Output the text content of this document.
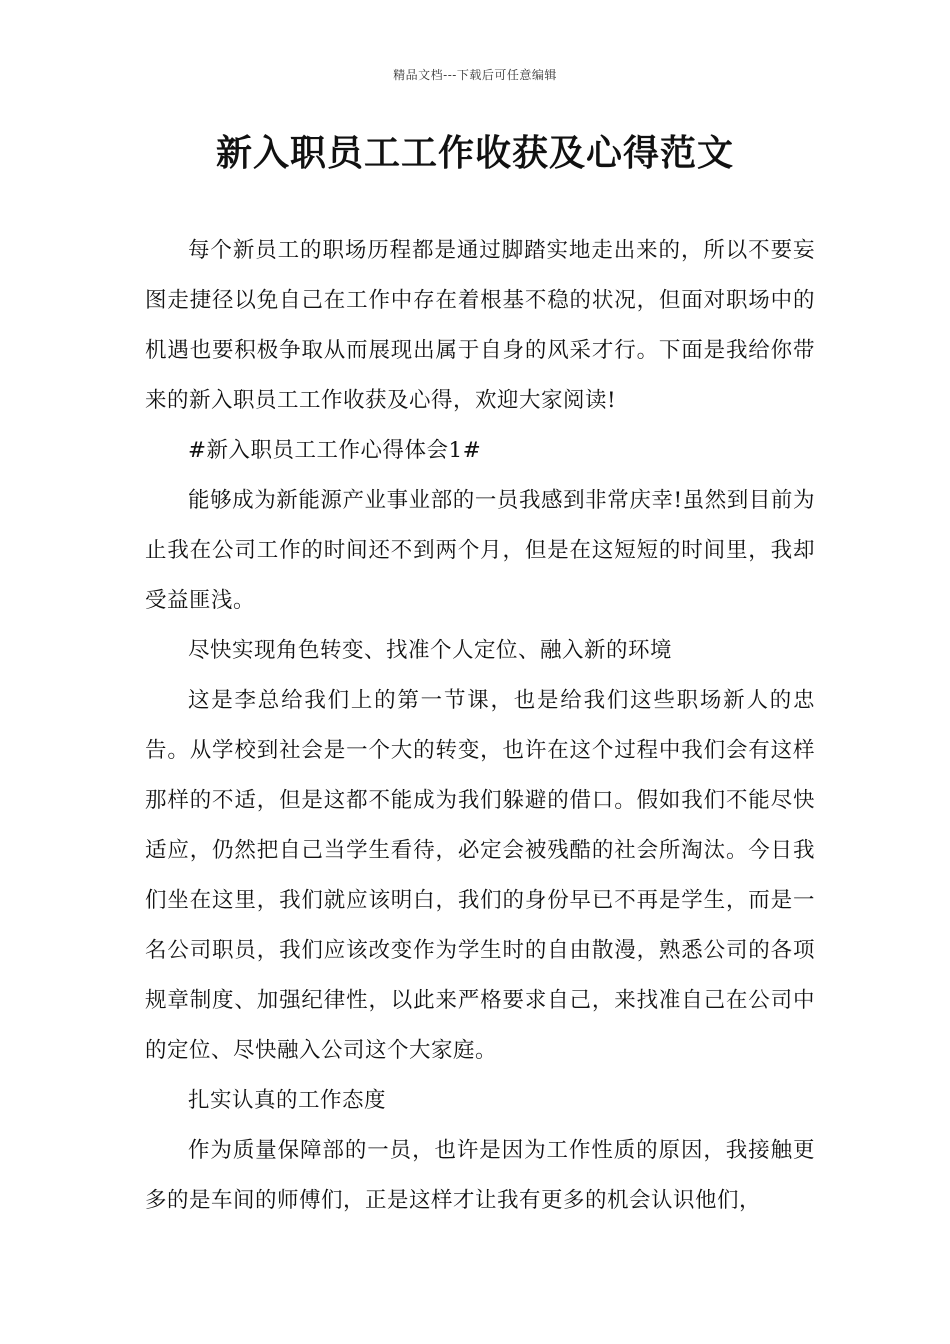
精品文档---下载后可任意编辑
新入职员工工作收获及心得范文

每个新员工的职场历程都是通过脚踏实地走出来的，所以不要妄图走捷径以免自己在工作中存在着根基不稳的状况，但面对职场中的机遇也要积极争取从而展现出属于自身的风采才行。下面是我给你带来的新入职员工工作收获及心得，欢迎大家阅读!

#新入职员工工作心得体会1#

能够成为新能源产业事业部的一员我感到非常庆幸!虽然到目前为止我在公司工作的时间还不到两个月，但是在这短短的时间里，我却受益匪浅。

尽快实现角色转变、找准个人定位、融入新的环境

这是李总给我们上的第一节课，也是给我们这些职场新人的忠告。从学校到社会是一个大的转变，也许在这个过程中我们会有这样那样的不适，但是这都不能成为我们躲避的借口。假如我们不能尽快适应，仍然把自己当学生看待，必定会被残酷的社会所淘汰。今日我们坐在这里，我们就应该明白，我们的身份早已不再是学生，而是一名公司职员，我们应该改变作为学生时的自由散漫，熟悉公司的各项规章制度、加强纪律性，以此来严格要求自己，来找准自己在公司中的定位、尽快融入公司这个大家庭。

扎实认真的工作态度

作为质量保障部的一员，也许是因为工作性质的原因，我接触更多的是车间的师傅们，正是这样才让我有更多的机会认识他们，
